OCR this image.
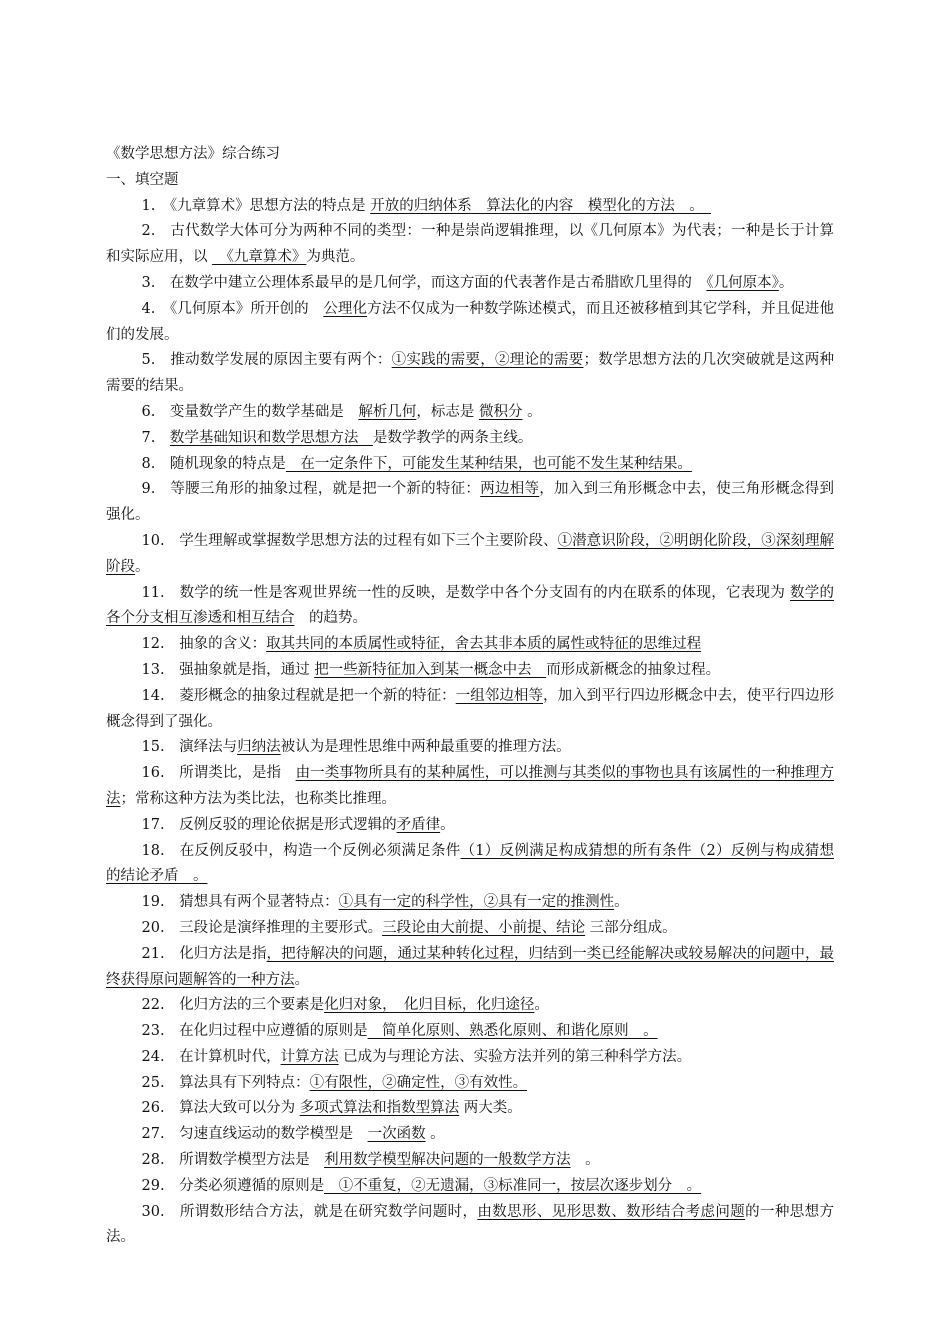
《数学思想方法》综合练习

一、填空题

1.　 《九章算术》思想方法的特点是 开放的归纳体系　算法化的内容　模型化的方法　。　

2.　 古代数学大体可分为两种不同的类型：一种是崇尚逻辑推理，以《几何原本》为代表；一种是长于计算和实际应用，以 　《九章算术》为典范。

3.　 在数学中建立公理体系最早的是几何学，而这方面的代表著作是古希腊欧几里得的　《几何原本》。

4.　 《几何原本》所开创的　公理化方法不仅成为一种数学陈述模式，而且还被移植到其它学科，并且促进他们的发展。

5.　 推动数学发展的原因主要有两个：①实践的需要，②理论的需要；数学思想方法的几次突破就是这两种需要的结果。

6.　 变量数学产生的数学基础是　解析几何，标志是 微积分 。

7.　 数学基础知识和数学思想方法　是数学教学的两条主线。

8.　 随机现象的特点是　在一定条件下，可能发生某种结果，也可能不发生某种结果。

9.　 等腰三角形的抽象过程，就是把一个新的特征：两边相等，加入到三角形概念中去，使三角形概念得到强化。

10.　 学生理解或掌握数学思想方法的过程有如下三个主要阶段、①潜意识阶段，②明朗化阶段，③深刻理解阶段。

11.　 数学的统一性是客观世界统一性的反映，是数学中各个分支固有的内在联系的体现，它表现为 数学的各个分支相互渗透和相互结合　的趋势。

12.　 抽象的含义：取其共同的本质属性或特征，舍去其非本质的属性或特征的思维过程

13.　 强抽象就是指，通过 把一些新特征加入到某一概念中去　而形成新概念的抽象过程。

14.　 菱形概念的抽象过程就是把一个新的特征：一组邻边相等，加入到平行四边形概念中去，使平行四边形概念得到了强化。

15.　 演绎法与归纳法被认为是理性思维中两种最重要的推理方法。

16.　 所谓类比，是指　由一类事物所具有的某种属性，可以推测与其类似的事物也具有该属性的一种推理方法；常称这种方法为类比法，也称类比推理。

17.　 反例反驳的理论依据是形式逻辑的矛盾律。

18.　 在反例反驳中，构造一个反例必须满足条件（1）反例满足构成猜想的所有条件（2）反例与构成猜想的结论矛盾　。

19.　 猜想具有两个显著特点：①具有一定的科学性，②具有一定的推测性。

20.　 三段论是演绎推理的主要形式。三段论由大前提、小前提、结论 三部分组成。

21.　 化归方法是指，把待解决的问题，通过某种转化过程，归结到一类已经能解决或较易解决的问题中，最终获得原问题解答的一种方法。

22.　 化归方法的三个要素是化归对象，　化归目标，化归途径。

23.　 在化归过程中应遵循的原则是　简单化原则、熟悉化原则、和谐化原则　。

24.　 在计算机时代，计算方法 已成为与理论方法、实验方法并列的第三种科学方法。

25.　 算法具有下列特点：①有限性，②确定性，③有效性。

26.　 算法大致可以分为 多项式算法和指数型算法 两大类。

27.　 匀速直线运动的数学模型是　一次函数 。

28.　 所谓数学模型方法是　利用数学模型解决问题的一般数学方法　。

29.　 分类必须遵循的原则是　①不重复，②无遗漏，③标准同一，按层次逐步划分　。

30.　 所谓数形结合方法，就是在研究数学问题时，由数思形、见形思数、数形结合考虑问题的一种思想方法。
